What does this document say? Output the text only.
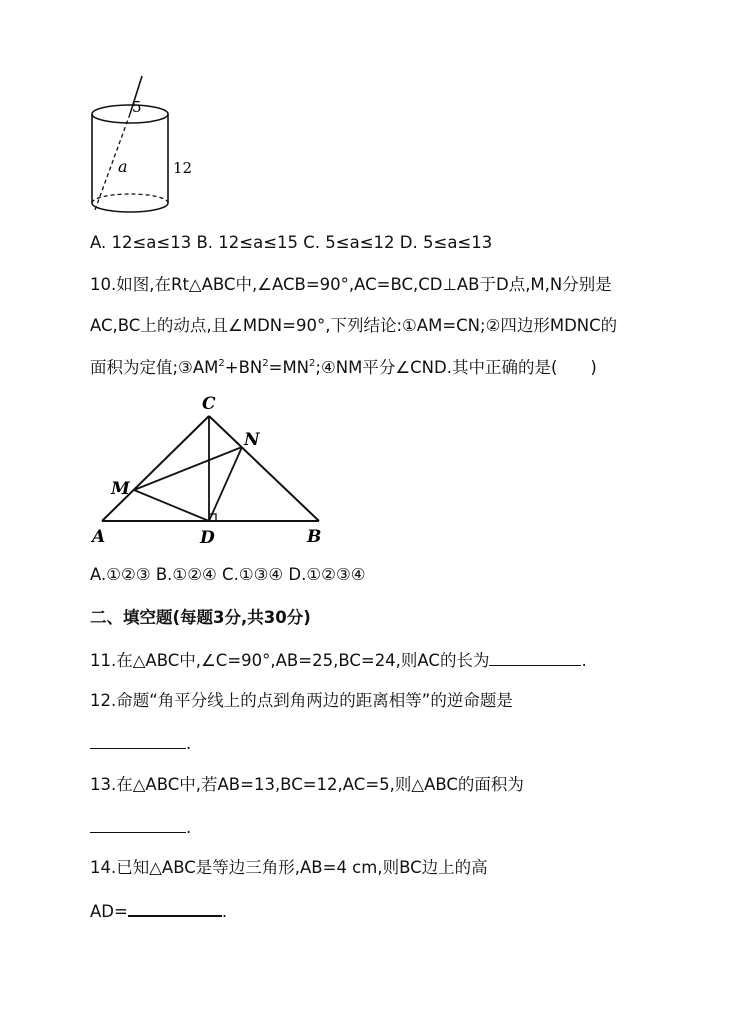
5
a	12
A. 12≤a≤13 B. 12≤a≤15 C. 5≤a≤12 D. 5≤a≤13
10.如图,在Rt△ABC中,∠ACB=90°,AC=BC,CD⊥AB于D点,M,N分别是
AC,BC上的动点,且∠MDN=90°,下列结论:①AM=CN;②四边形MDNC的
面积为定值$;③AM^2+BN^2=MN^2;④NM$平分∠CND.其中正确的是(　　)
C
N
M
A	D	B
A.①②③ B.①②④ C.①③④ D.①②③④
二、填空题(每题3分,共30分)
11.在△ABC中,∠C=90°,AB=25,BC=24,则AC的长为	.
12.命题“角平分线上的点到角两边的距离相等”的逆命题是
.
13.在△ABC中,若AB=13,BC=12,AC=5,则△ABC的面积为
.
14.已知△ABC是等边三角形,AB=4 cm,则BC边上的高
AD=	.
